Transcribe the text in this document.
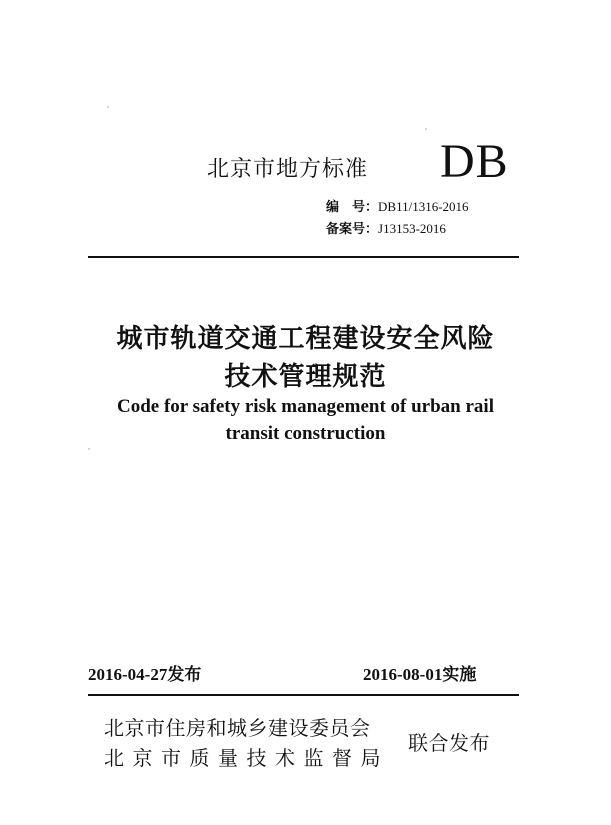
北京市地方标准 DB
编　号：DB11/1316-2016
备案号：J13153-2016
城市轨道交通工程建设安全风险
技术管理规范
Code for safety risk management of urban rail
transit construction
2016-04-27发布	2016-08-01实施
北京市住房和城乡建设委员会
北京市质量技术监督局
联合发布
